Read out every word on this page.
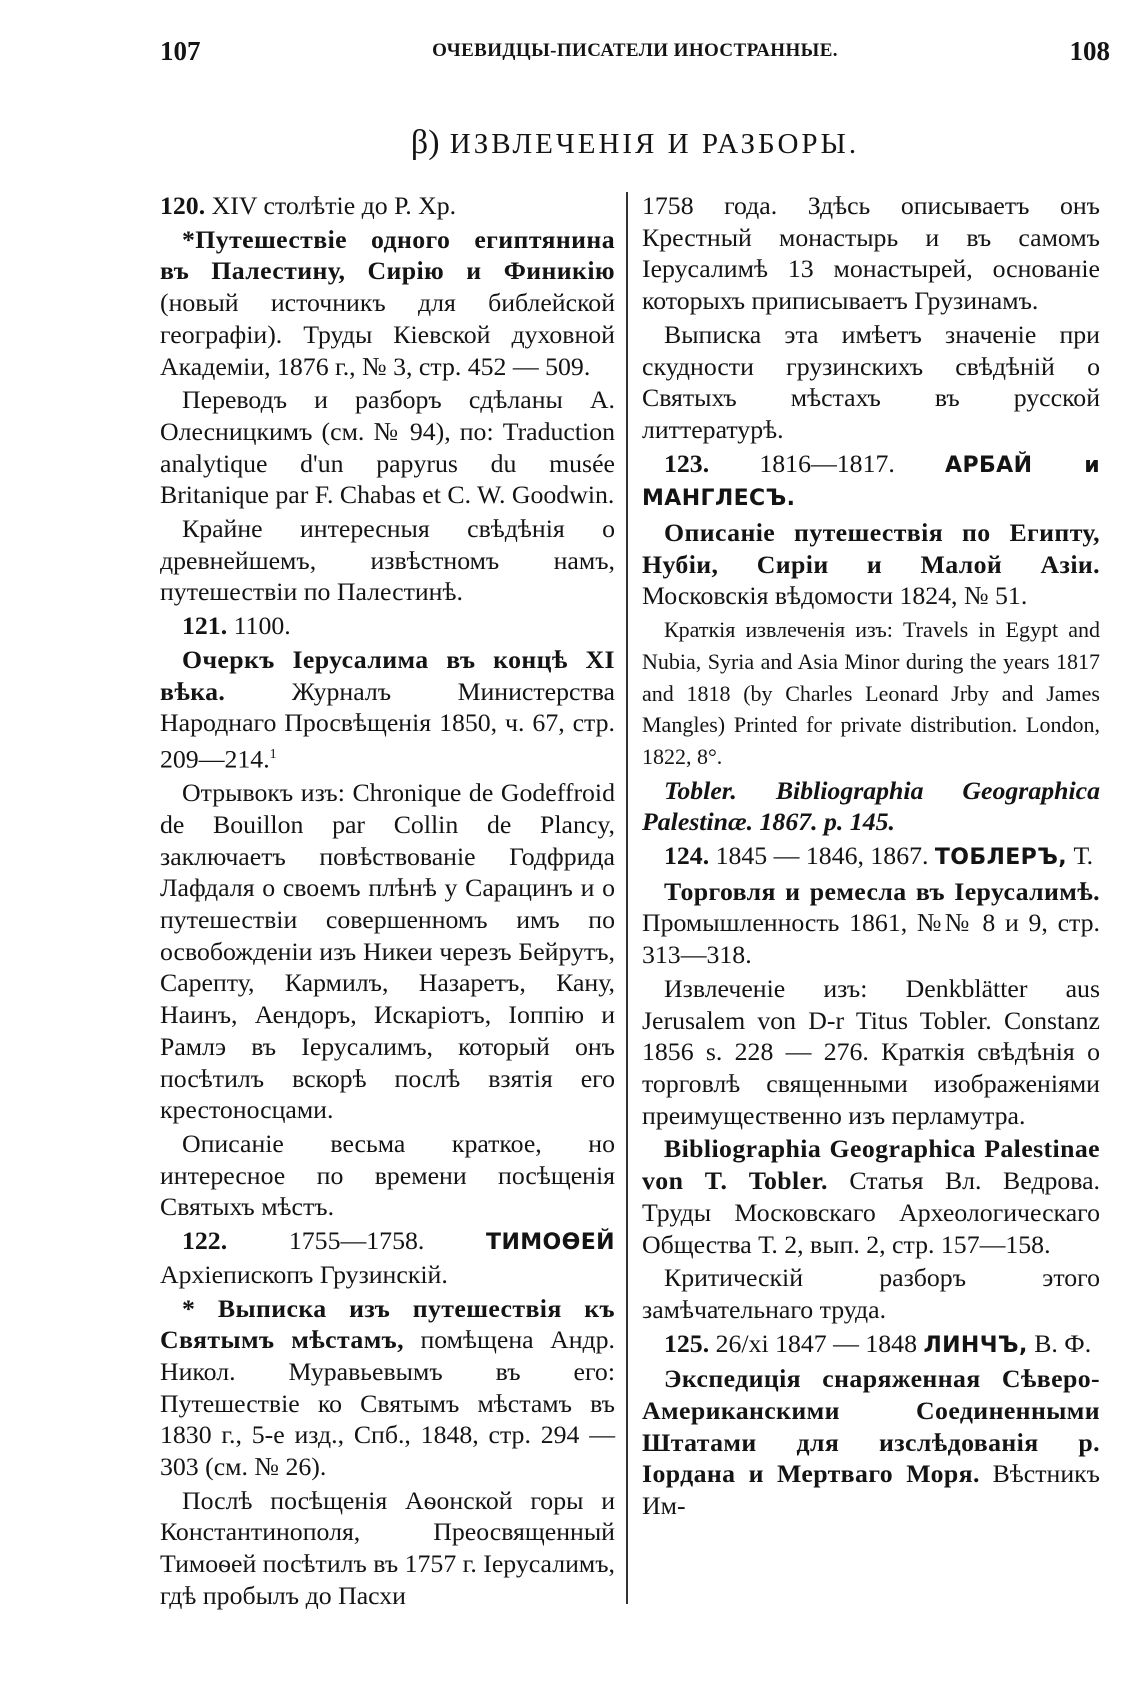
107	ОЧЕВИДЦЫ-ПИСАТЕЛИ ИНОСТРАННЫЕ.	108
β) ИЗВЛЕЧЕНІЯ И РАЗБОРЫ.

120. XIV столѣтіе до Р. Хр.

*Путешествіе одного египтянина въ Палестину, Сирію и Финикію (новый источникъ для библейской географіи). Труды Кіевской духовной Академіи, 1876 г., № 3, стр. 452 — 509.

Переводъ и разборъ сдѣланы А. Олесницкимъ (см. № 94), по: Traduction analytique d'un papyrus du musée Britanique par F. Chabas et C. W. Goodwin.

Крайне интересныя свѣдѣнія о древнейшемъ, извѣстномъ намъ, путешествіи по Палестинѣ.

121. 1100.

Очеркъ Іерусалима въ концѣ XI вѣка.	Журналъ Министерства Народнаго Просвѣщенія 1850, ч. 67, стр. 209—214.$^1$

Отрывокъ изъ: Chronique de Godeffroid de Bouillon par Collin de Plancy, заключаетъ повѣствованіе Годфрида Лафдаля о своемъ плѣнѣ у Сарацинъ и о путешествіи совершенномъ имъ по освобожденіи изъ Никеи черезъ Бейрутъ, Сарепту, Кармилъ, Назаретъ, Кану, Наинъ, Аендоръ, Искаріотъ, Іоппію и Рамлэ въ Іерусалимъ, который онъ посѣтилъ вскорѣ послѣ взятія его крестоносцами.

Описаніе весьма краткое, но интересное по времени посѣщенія Святыхъ мѣстъ.

122. 1755—1758.	ТИМОѲЕЙ Архіепископъ Грузинскій.

* Выписка изъ путешествія къ Святымъ мѣстамъ, помѣщена Андр. Никол. Муравьевымъ въ его: Путешествіе ко Святымъ мѣстамъ въ 1830 г., 5-е изд., Спб., 1848, стр. 294 — 303 (см. № 26).

Послѣ посѣщенія Аѳонской горы и Константинополя, Преосвященный Тимоѳей посѣтилъ въ 1757 г. Іерусалимъ, гдѣ пробылъ до Пасхи

1758 года. Здѣсь описываетъ онъ Крестный монастырь и въ самомъ Іерусалимѣ 13 монастырей, основаніе которыхъ приписываетъ Грузинамъ.

Выписка эта имѣетъ значеніе при скудности грузинскихъ свѣдѣній о Святыхъ мѣстахъ въ русской литтературѣ.

123. 1816—1817. АРБАЙ и МАНГЛЕСЪ.

Описаніе путешествія по Египту, Нубіи, Сиріи и Малой Азіи. Московскія вѣдомости 1824, № 51.

Краткія извлеченія изъ: Travels in Egypt and Nubia, Syria and Asia Minor during the years 1817 and 1818 (by Charles Leonard Jrby and James Mangles) Printed for private distribution. London, 1822, 8°.

Tobler. Bibliographia Geographica Palestinæ. 1867. p. 145.

124. 1845 — 1846, 1867. ТОБЛЕРЪ, Т.

Торговля и ремесла въ Іерусалимѣ. Промышленность 1861, №№ 8 и 9, стр. 313—318.

Извлеченіе изъ: Denkblätter aus Jerusalem von D-r Titus Tobler. Constanz 1856 s. 228 — 276. Краткія свѣдѣнія о торговлѣ священными изображеніями преимущественно изъ перламутра.

Bibliographia Geographica Palestinae von T. Tobler. Статья Вл. Ведрова. Труды Московскаго Археологическаго Общества Т. 2, вып. 2, стр. 157—158.

Критическій разборъ этого замѣчательнаго труда.

125. 26/xi 1847 — 1848 ЛИНЧЪ, В. Ф.

Экспедиція снаряженная Сѣверо-Американскими Соединенными Штатами для изслѣдованія р. Іордана и Мертваго Моря. Вѣстникъ Им-
